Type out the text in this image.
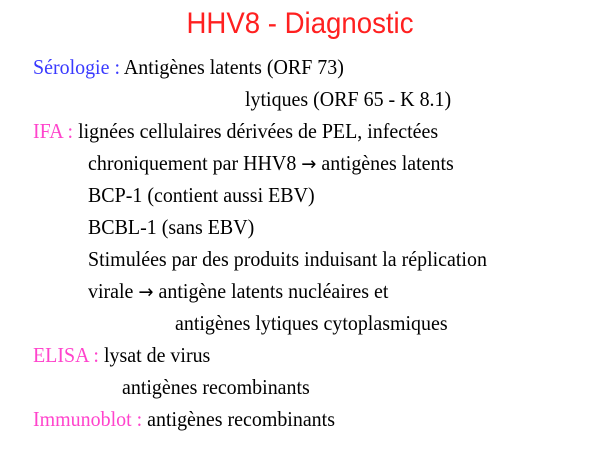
HHV8 - Diagnostic
Sérologie : Antigènes latents (ORF 73)
lytiques (ORF 65 - K 8.1)
IFA : lignées cellulaires dérivées de PEL, infectées
chroniquement par HHV8 → antigènes latents
BCP-1 (contient aussi EBV)
BCBL-1 (sans EBV)
Stimulées par des produits induisant la réplication
virale → antigène latents nucléaires et
antigènes lytiques cytoplasmiques
ELISA : lysat de virus
antigènes recombinants
Immunoblot : antigènes recombinants
